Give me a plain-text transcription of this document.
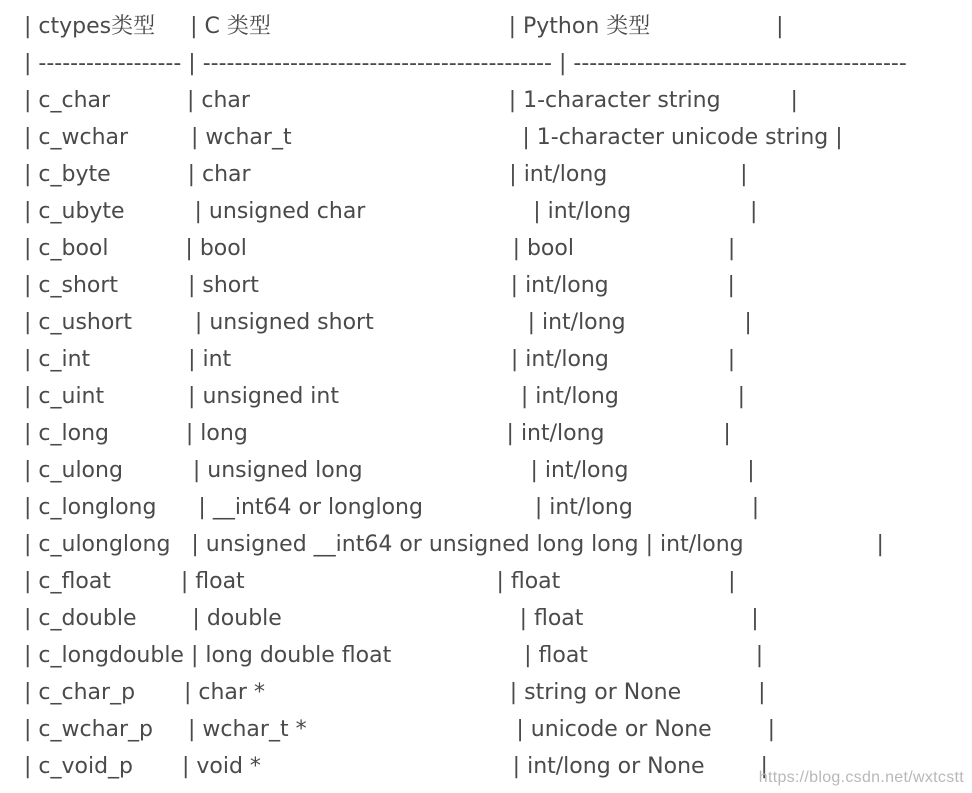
| ctypes类型     | C 类型                                  | Python 类型                  |
| ------------------ | -------------------------------------------- | ------------------------------------------
| c_char           | char                                     | 1-character string          |
| c_wchar         | wchar_t                                 | 1-character unicode string |
| c_byte           | char                                     | int/long                   |
| c_ubyte          | unsigned char                        | int/long                 |
| c_bool           | bool                                      | bool                      |
| c_short          | short                                    | int/long                 |
| c_ushort         | unsigned short                      | int/long                 |
| c_int              | int                                        | int/long                 |
| c_uint            | unsigned int                          | int/long                 |
| c_long           | long                                     | int/long                 |
| c_ulong          | unsigned long                        | int/long                 |
| c_longlong      | __int64 or longlong                | int/long                 |
| c_ulonglong   | unsigned __int64 or unsigned long long | int/long                   |
| c_float          | float                                    | float                        |
| c_double        | double                                  | float                        |
| c_longdouble | long double float                   | float                        |
| c_char_p       | char *                                   | string or None           |
| c_wchar_p     | wchar_t *                              | unicode or None        |
| c_void_p       | void *                                    | int/long or None        |
https://blog.csdn.net/wxtcstt
